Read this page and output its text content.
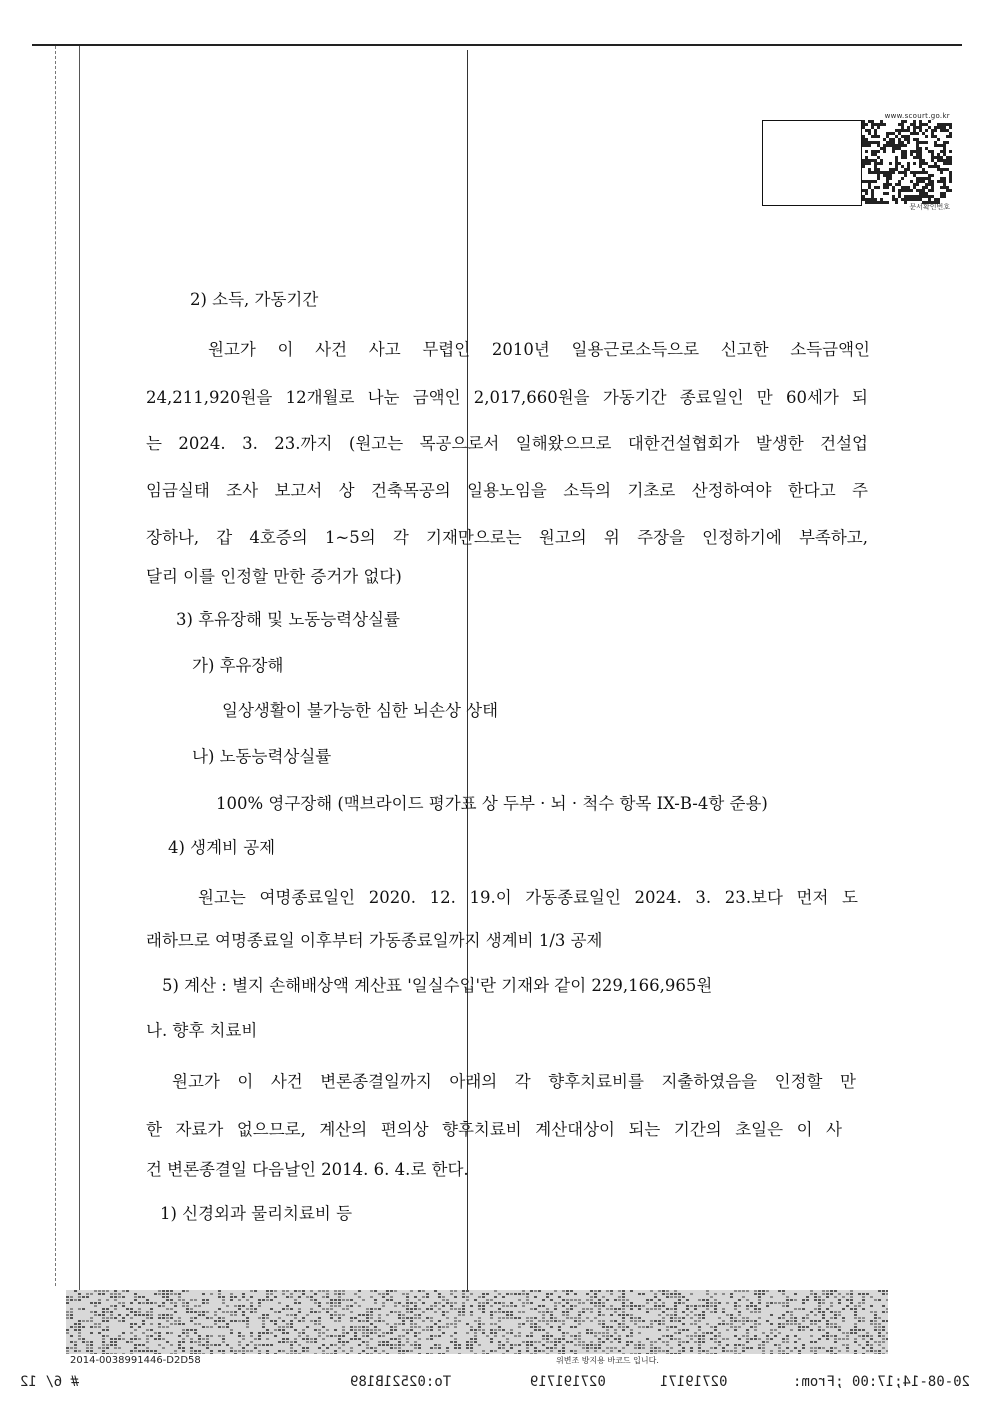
www.scourt.go.kr
문서확인번호
2) 소득, 가동기간
원고가 이 사건 사고 무렵인 2010년 일용근로소득으로 신고한 소득금액인
24,211,920원을 12개월로 나눈 금액인 2,017,660원을 가동기간 종료일인 만 60세가 되
는 2024. 3. 23.까지 (원고는 목공으로서 일해왔으므로 대한건설협회가 발생한 건설업
임금실태 조사 보고서 상 건축목공의 일용노임을 소득의 기초로 산정하여야 한다고 주
장하나, 갑 4호증의 1~5의 각 기재만으로는 원고의 위 주장을 인정하기에 부족하고,
달리 이를 인정할 만한 증거가 없다)
3) 후유장해 및 노동능력상실률
가) 후유장해
일상생활이 불가능한 심한 뇌손상 상태
나) 노동능력상실률
100% 영구장해 (맥브라이드 평가표 상 두부 · 뇌 · 척수 항목 IX-B-4항 준용)
4) 생계비 공제
원고는 여명종료일인 2020. 12. 19.이 가동종료일인 2024. 3. 23.보다 먼저 도
래하므로 여명종료일 이후부터 가동종료일까지 생계비 1/3 공제
5) 계산 : 별지 손해배상액 계산표 '일실수입'란 기재와 같이 229,166,965원
나. 향후 치료비
원고가 이 사건 변론종결일까지 아래의 각 향후치료비를 지출하였음을 인정할 만
한 자료가 없으므로, 계산의 편의상 향후치료비 계산대상이 되는 기간의 초일은 이 사
건 변론종결일 다음날인 2014. 6. 4.로 한다.
1) 신경외과 물리치료비 등
2014-0038991446-D2D58	위변조 방지용 바코드 입니다.
# 6/ 12	02719171
027191719
To:02521B189	20-08-14;17:00 ;From:
